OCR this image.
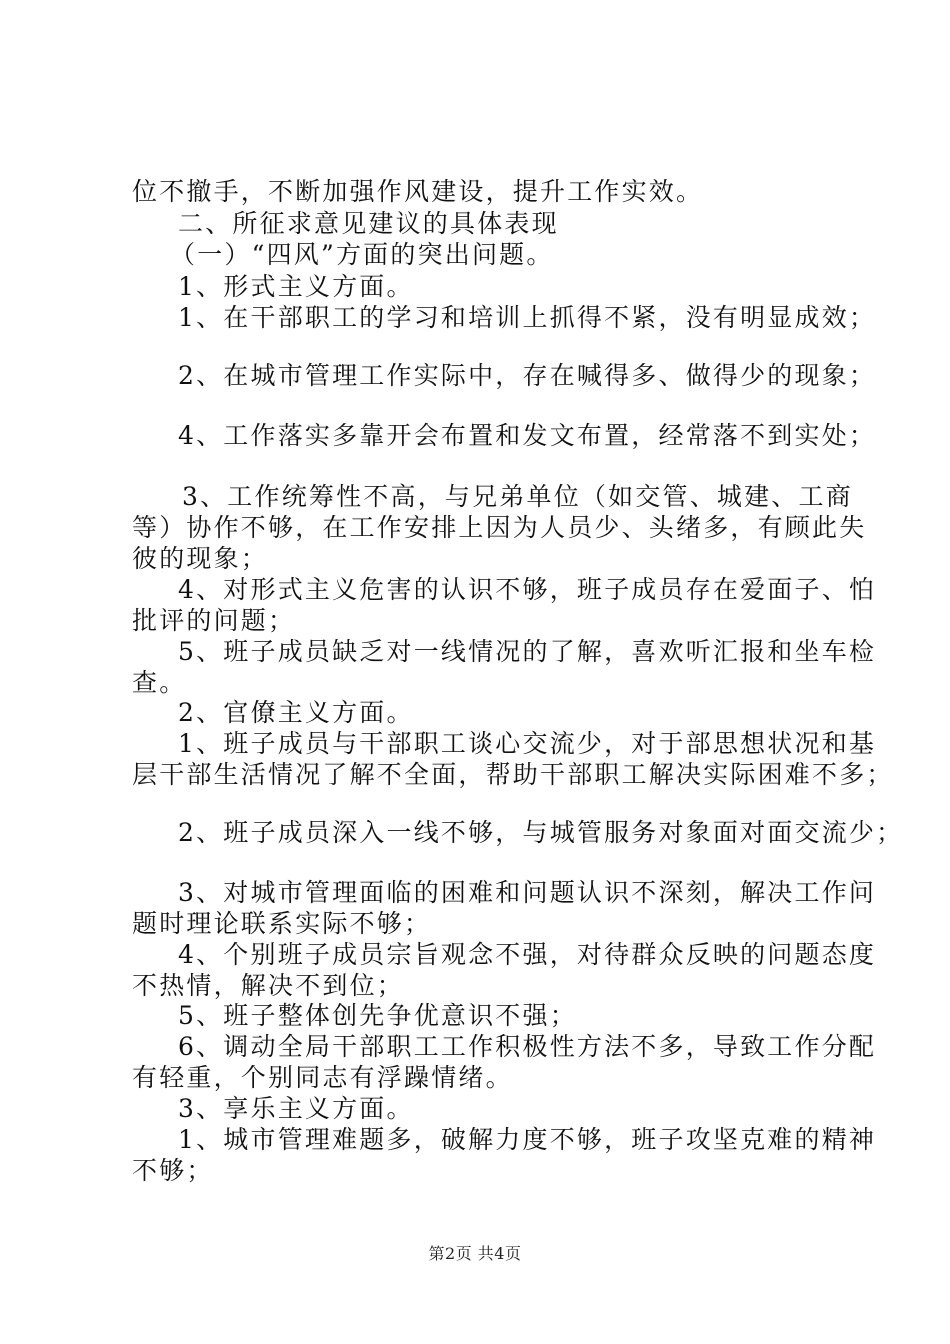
位不撤手，不断加强作风建设，提升工作实效。
二、所征求意见建议的具体表现
（一）“四风”方面的突出问题。
1、形式主义方面。
1、在干部职工的学习和培训上抓得不紧，没有明显成效；
2、在城市管理工作实际中，存在喊得多、做得少的现象；
4、工作落实多靠开会布置和发文布置，经常落不到实处；
3、工作统筹性不高，与兄弟单位（如交管、城建、工商
等）协作不够，在工作安排上因为人员少、头绪多，有顾此失
彼的现象；
4、对形式主义危害的认识不够，班子成员存在爱面子、怕
批评的问题；
5、班子成员缺乏对一线情况的了解，喜欢听汇报和坐车检
查。
2、官僚主义方面。
1、班子成员与干部职工谈心交流少，对于部思想状况和基
层干部生活情况了解不全面，帮助干部职工解决实际困难不多；
2、班子成员深入一线不够，与城管服务对象面对面交流少；
3、对城市管理面临的困难和问题认识不深刻，解决工作问
题时理论联系实际不够；
4、个别班子成员宗旨观念不强，对待群众反映的问题态度
不热情，解决不到位；
5、班子整体创先争优意识不强；
6、调动全局干部职工工作积极性方法不多，导致工作分配
有轻重，个别同志有浮躁情绪。
3、享乐主义方面。
1、城市管理难题多，破解力度不够，班子攻坚克难的精神
不够；
第2页 共4页
